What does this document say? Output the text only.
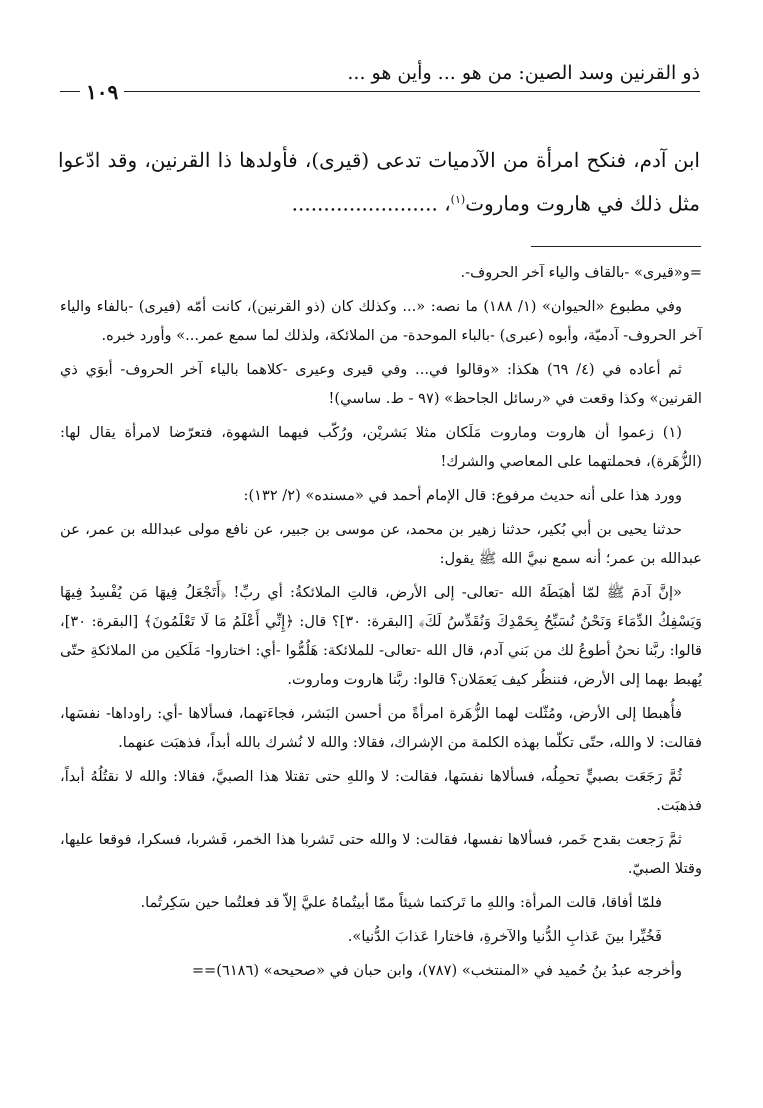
ذو القرنين وسد الصين: من هو ... وأين هو ...
١٠٩
ابن آدم، فنكح امرأة من الآدميات تدعى (قيرى)، فأولدها ذا القرنين، وقد ادّعوا مثل ذلك في هاروت وماروت$^{(١)}$، .......................

=و«قيرى» -بالقاف والياء آخر الحروف-.

وفي مطبوع «الحيوان» (١/ ١٨٨) ما نصه: «... وكذلك كان (ذو القرنين)، كانت أمّه (فيرى) -بالفاء والياء آخر الحروف- آدميّة، وأبوه (عبرى) -بالباء الموحدة- من الملائكة، ولذلك لما سمع عمر...» وأورد خبره.

ثم أعاده في (٤/ ٦٩) هكذا: «وقالوا في... وفي قيرى وعيرى -كلاهما بالياء آخر الحروف- أبوَي ذي القرنين» وكذا وقعت في «رسائل الجاحظ» (٩٧ - ط. ساسي)!

(١) زعموا أن هاروت وماروت مَلَكان مثلا بَشريْن، ورُكّب فيهما الشهوة، فتعرّضا لامرأة يقال لها: (الزُّهَرة)، فحملتهما على المعاصي والشرك!

وورد هذا على أنه حديث مرفوع: قال الإمام أحمد في «مسنده» (٢/ ١٣٢):

حدثنا يحيى بن أبي بُكير، حدثنا زهير بن محمد، عن موسى بن جبير، عن نافع مولى عبدالله بن عمر، عن عبدالله بن عمر؛ أنه سمع نبيَّ الله ﷺ يقول:

«إنَّ آدمَ ﷺ لمّا أهبَطَهُ الله -تعالى- إلى الأرض، قالتِ الملائكةُ: أي ربِّ! ﴿أَتَجْعَلُ فِيهَا مَن يُفْسِدُ فِيهَا وَيَسْفِكُ الدِّمَاءَ وَنَحْنُ نُسَبِّحُ بِحَمْدِكَ وَنُقَدِّسُ لَكَ﴾ [البقرة: ٣٠]؟ قال: ﴿إِنِّي أَعْلَمُ مَا لَا تَعْلَمُونَ﴾ [البقرة: ٣٠]، قالوا: ربَّنا نحنُ أطوعُ لك من بَني آدم، قال الله -تعالى- للملائكة: هَلُمُّوا -أي: اختاروا- مَلَكين من الملائكةِ حتّى يُهبط بهما إلى الأرض، فننظُر كيف يَعمَلان؟ قالوا: ربَّنا هاروت وماروت.

فأُهبطا إلى الأرض، ومُثّلت لهما الزُّهَرة امرأةً من أحسن البَشر، فجاءَتهما، فسألاها -أي: راوداها- نفسَها، فقالت: لا والله، حتّى تكلّما بهذه الكلمة من الإشراك، فقالا: والله لا نُشرك بالله أبداً، فذهبَت عنهما.

ثُمَّ رَجَعَت بصبيٍّ تحمِلُه، فسألاها نفسَها، فقالت: لا واللهِ حتى تقتلا هذا الصبيَّ، فقالا: والله لا نقتُلُهُ أبداً، فذهبَت.

ثمَّ رَجعت بقدح خَمر، فسألاها نفسها، فقالت: لا والله حتى تَشربا هذا الخمر، فَشربا، فسكرا، فوقعا عليها، وقتلا الصبيّ.

فلمّا أفاقا، قالت المرأة: واللهِ ما تَركتما شيئاً ممّا أبيتُماهُ عليَّ إلاّ قد فعلتُما حين سَكِرتُما.

فَخُيِّرا بينَ عَذابِ الدُّنيا والآخرةِ، فاختارا عَذابَ الدُّنيا».

وأخرجه عبدُ بنُ حُميد في «المنتخب» (٧٨٧)، وابن حبان في «صحيحه» (٦١٨٦)==
